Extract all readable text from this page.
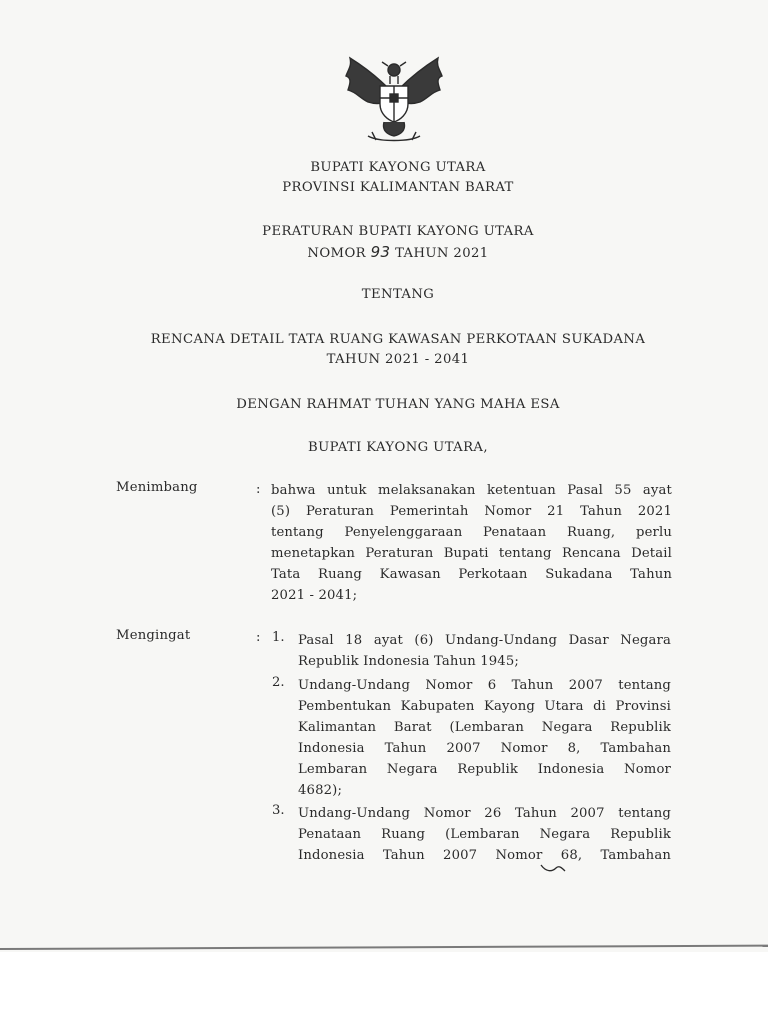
BUPATI KAYONG UTARA
PROVINSI KALIMANTAN BARAT
PERATURAN BUPATI KAYONG UTARA
NOMOR 93 TAHUN 2021
TENTANG
RENCANA DETAIL TATA RUANG KAWASAN PERKOTAAN SUKADANA
TAHUN 2021 - 2041
DENGAN RAHMAT TUHAN YANG MAHA ESA
BUPATI KAYONG UTARA,
Menimbang	: bahwa untuk melaksanakan ketentuan Pasal 55 ayat
(5) Peraturan Pemerintah Nomor 21 Tahun 2021
tentang Penyelenggaraan Penataan Ruang, perlu
menetapkan Peraturan Bupati tentang Rencana Detail
Tata Ruang Kawasan Perkotaan Sukadana Tahun
2021 - 2041;
Mengingat	: 1. Pasal 18 ayat (6) Undang-Undang Dasar Negara
Republik Indonesia Tahun 1945;
2. Undang-Undang Nomor 6 Tahun 2007 tentang
Pembentukan Kabupaten Kayong Utara di Provinsi
Kalimantan Barat (Lembaran Negara Republik
Indonesia Tahun 2007 Nomor 8, Tambahan
Lembaran Negara Republik Indonesia Nomor
4682);
3. Undang-Undang Nomor 26 Tahun 2007 tentang
Penataan Ruang (Lembaran Negara Republik
Indonesia Tahun 2007 Nomor 68, Tambahan
